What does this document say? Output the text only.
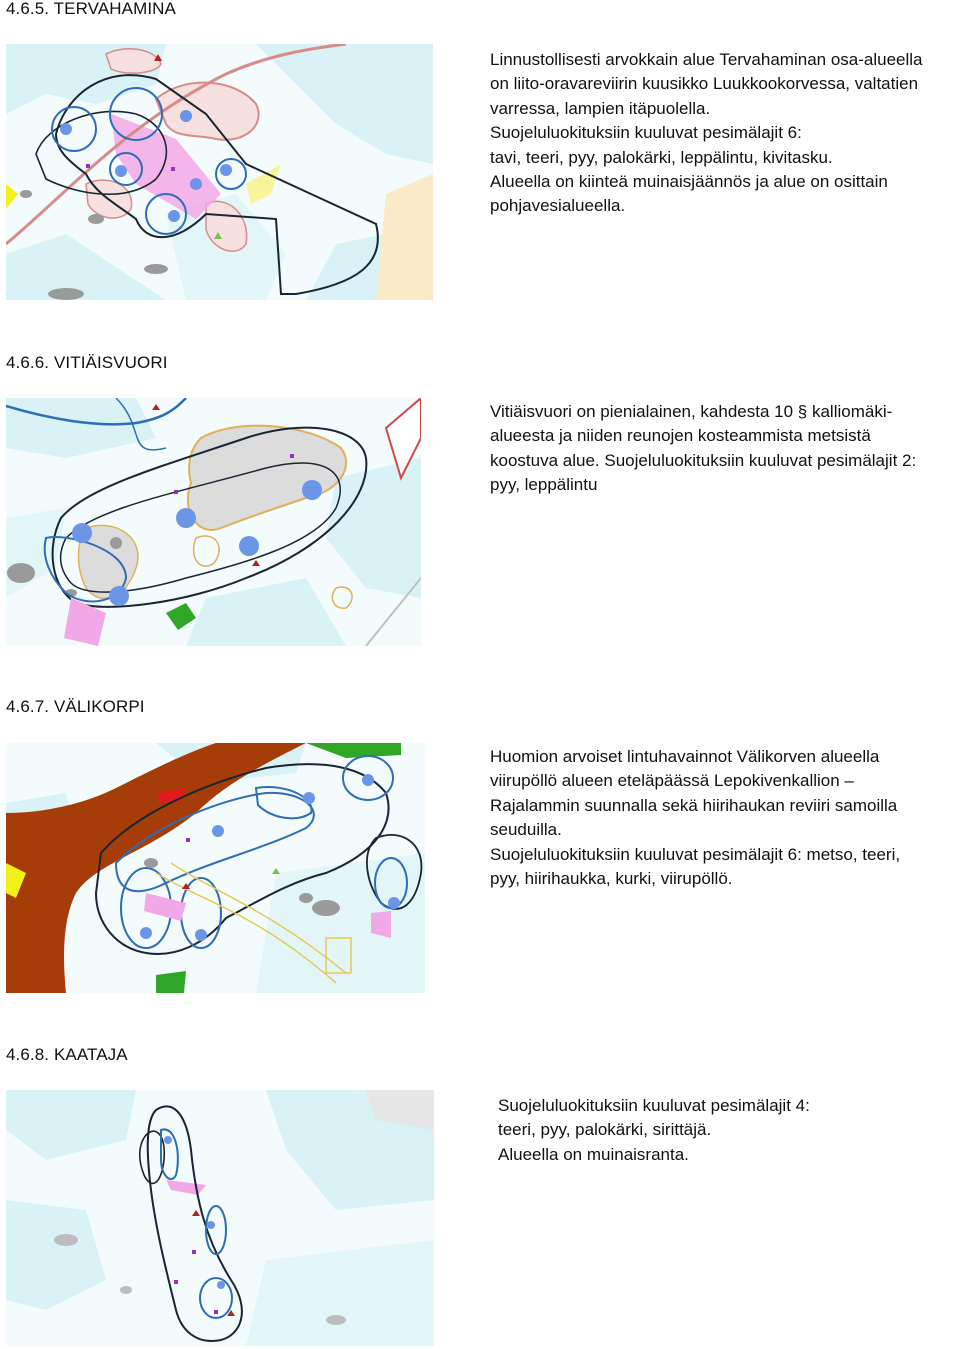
4.6.5. TERVAHAMINA

Linnustollisesti arvokkain alue Tervahaminan osa-alueella

on liito-oravareviirin kuusikko Luukkookorvessa, valtatien

varressa, lampien itäpuolella.

Suojeluluokituksiin kuuluvat pesimälajit 6:

tavi, teeri, pyy, palokärki, leppälintu, kivitasku.

Alueella on kiinteä muinaisjäännös ja alue on osittain

pohjavesialueella.

4.6.6. VITIÄISVUORI

Vitiäisvuori on pienialainen, kahdesta 10 § kalliomäki-

alueesta ja niiden reunojen kosteammista metsistä

koostuva alue. Suojeluluokituksiin kuuluvat pesimälajit 2:

pyy, leppälintu

4.6.7. VÄLIKORPI

Huomion arvoiset lintuhavainnot Välikorven alueella

viirupöllö alueen eteläpäässä Lepokivenkallion –

Rajalammin suunnalla sekä hiirihaukan reviiri samoilla

seuduilla.

Suojeluluokituksiin kuuluvat pesimälajit 6: metso, teeri,

pyy, hiirihaukka, kurki, viirupöllö.

4.6.8. KAATAJA

Suojeluluokituksiin kuuluvat pesimälajit 4:

teeri, pyy, palokärki, sirittäjä.

Alueella on muinaisranta.
